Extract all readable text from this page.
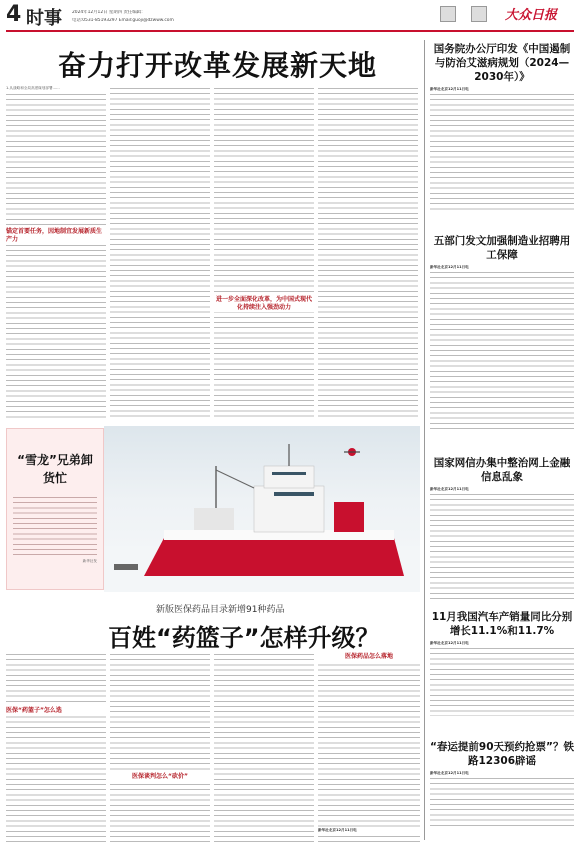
4 时事 2024年12月12日 星期四 责任编辑：
电话:0531-85193297 Email:guoji@dzwww.com
	大众日报
奋力打开改革发展新天地
1.从战略和全局高度谋划部署……
锚定首要任务，因地制宜发展新质生产力
进一步全面深化改革，为中国式现代化持续注入强劲动力
国务院办公厅印发《中国遏制与防治艾滋病规划（2024—2030年）》
新华社北京12月11日电
五部门发文加强制造业招聘用工保障
新华社北京12月11日电
国家网信办集中整治网上金融信息乱象
新华社北京12月11日电
11月我国汽车产销量同比分别增长11.1%和11.7%
新华社北京12月11日电
“春运提前90天预约抢票”？铁路12306辟谣
新华社北京12月11日电
“雪龙”兄弟卸货忙
新华社发
新版医保药品目录新增91种药品
百姓“药篮子”怎样升级？
医保“药篮子”怎么选
医保谈判怎么“砍价”
医保药品怎么落地
新华社北京12月11日电
